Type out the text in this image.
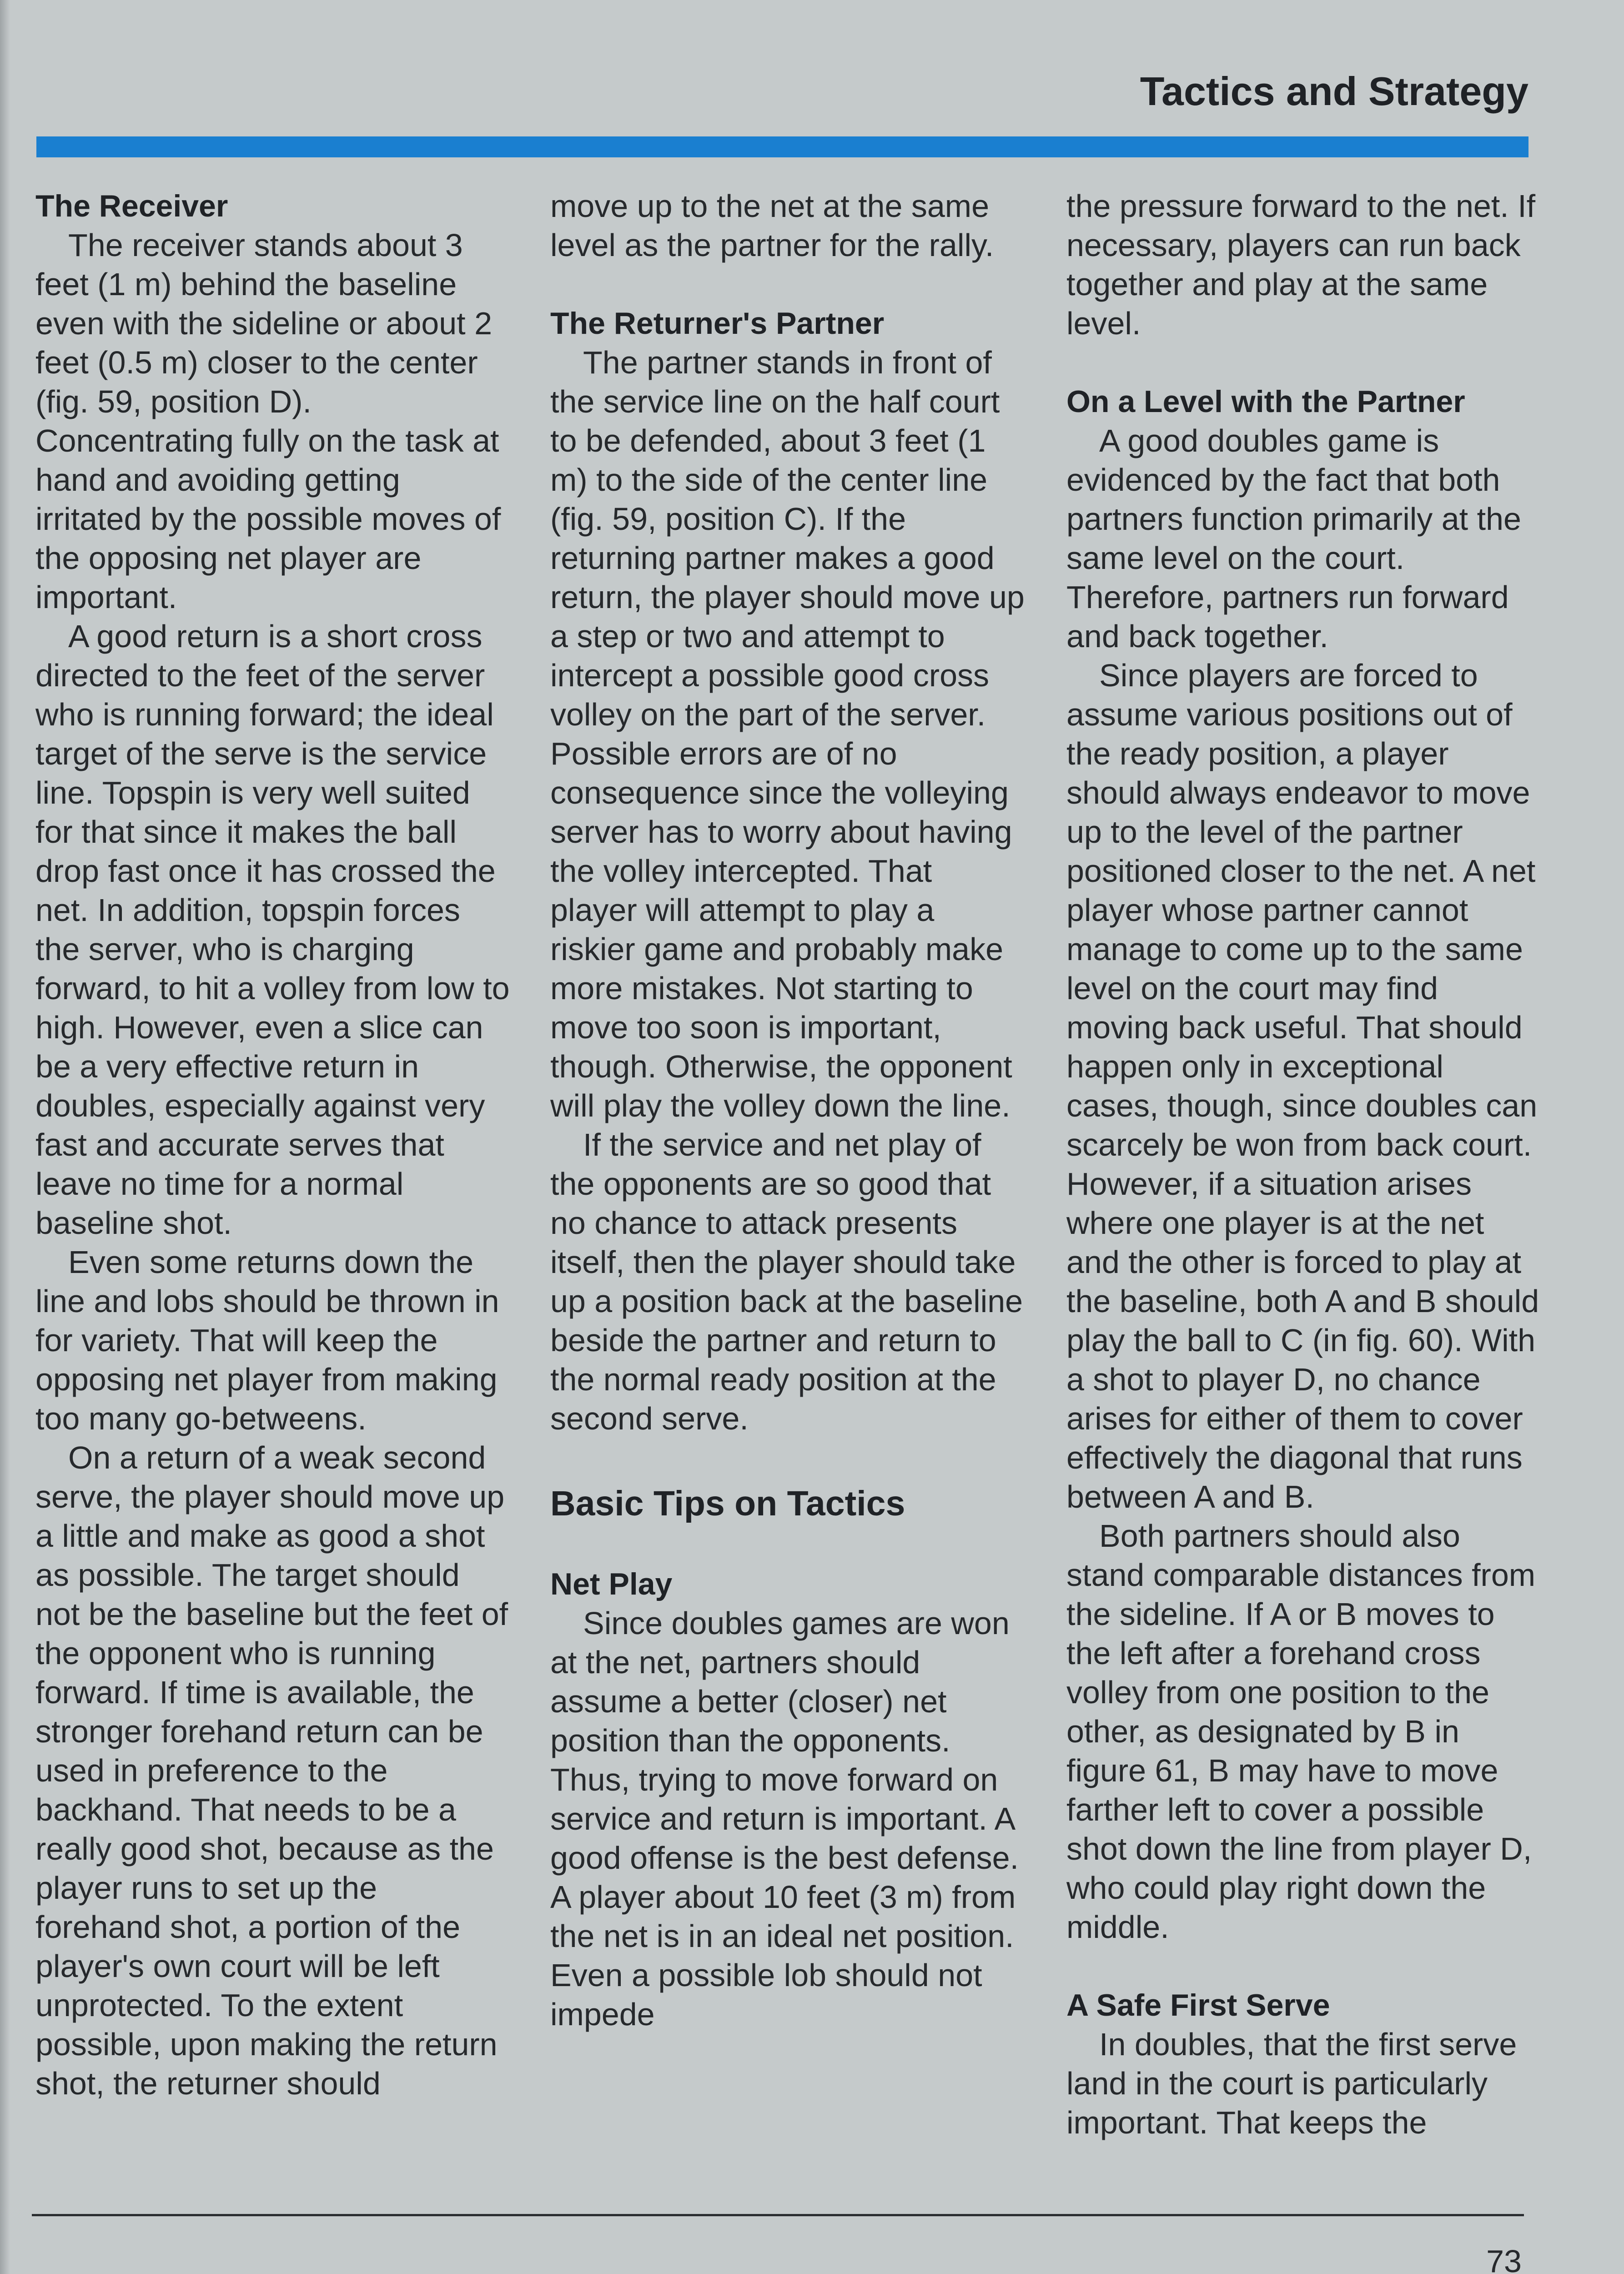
Tactics and Strategy
The Receiver

The receiver stands about 3 feet (1 m) behind the baseline even with the sideline or about 2 feet (0.5 m) closer to the center (fig. 59, position D). Concentrating fully on the task at hand and avoiding getting irritated by the possible moves of the opposing net player are important.

A good return is a short cross directed to the feet of the server who is running forward; the ideal target of the serve is the service line. Topspin is very well suited for that since it makes the ball drop fast once it has crossed the net. In addition, topspin forces the server, who is charging forward, to hit a volley from low to high. However, even a slice can be a very effective return in doubles, especially against very fast and accurate serves that leave no time for a normal baseline shot.

Even some returns down the line and lobs should be thrown in for variety. That will keep the opposing net player from making too many go-betweens.

On a return of a weak second serve, the player should move up a little and make as good a shot as possible. The target should not be the baseline but the feet of the opponent who is running forward. If time is available, the stronger forehand return can be used in preference to the backhand. That needs to be a really good shot, because as the player runs to set up the forehand shot, a portion of the player's own court will be left unprotected. To the extent possible, upon making the return shot, the returner should

move up to the net at the same level as the partner for the rally.

The Returner's Partner

The partner stands in front of the service line on the half court to be defended, about 3 feet (1 m) to the side of the center line (fig. 59, position C). If the returning partner makes a good return, the player should move up a step or two and attempt to intercept a possible good cross volley on the part of the server. Possible errors are of no consequence since the volleying server has to worry about having the volley intercepted. That player will attempt to play a riskier game and probably make more mistakes. Not starting to move too soon is important, though. Otherwise, the opponent will play the volley down the line.

If the service and net play of the opponents are so good that no chance to attack presents itself, then the player should take up a position back at the baseline beside the partner and return to the normal ready position at the second serve.

Basic Tips on Tactics
Net Play

Since doubles games are won at the net, partners should assume a better (closer) net position than the opponents. Thus, trying to move forward on service and return is important. A good offense is the best defense. A player about 10 feet (3 m) from the net is in an ideal net position. Even a possible lob should not impede

the pressure forward to the net. If necessary, players can run back together and play at the same level.

On a Level with the Partner

A good doubles game is evidenced by the fact that both partners function primarily at the same level on the court. Therefore, partners run forward and back together.

Since players are forced to assume various positions out of the ready position, a player should always endeavor to move up to the level of the partner positioned closer to the net. A net player whose partner cannot manage to come up to the same level on the court may find moving back useful. That should happen only in exceptional cases, though, since doubles can scarcely be won from back court. However, if a situation arises where one player is at the net and the other is forced to play at the baseline, both A and B should play the ball to C (in fig. 60). With a shot to player D, no chance arises for either of them to cover effectively the diagonal that runs between A and B.

Both partners should also stand comparable distances from the sideline. If A or B moves to the left after a forehand cross volley from one position to the other, as designated by B in figure 61, B may have to move farther left to cover a possible shot down the line from player D, who could play right down the middle.

A Safe First Serve

In doubles, that the first serve land in the court is particularly important. That keeps the

73
